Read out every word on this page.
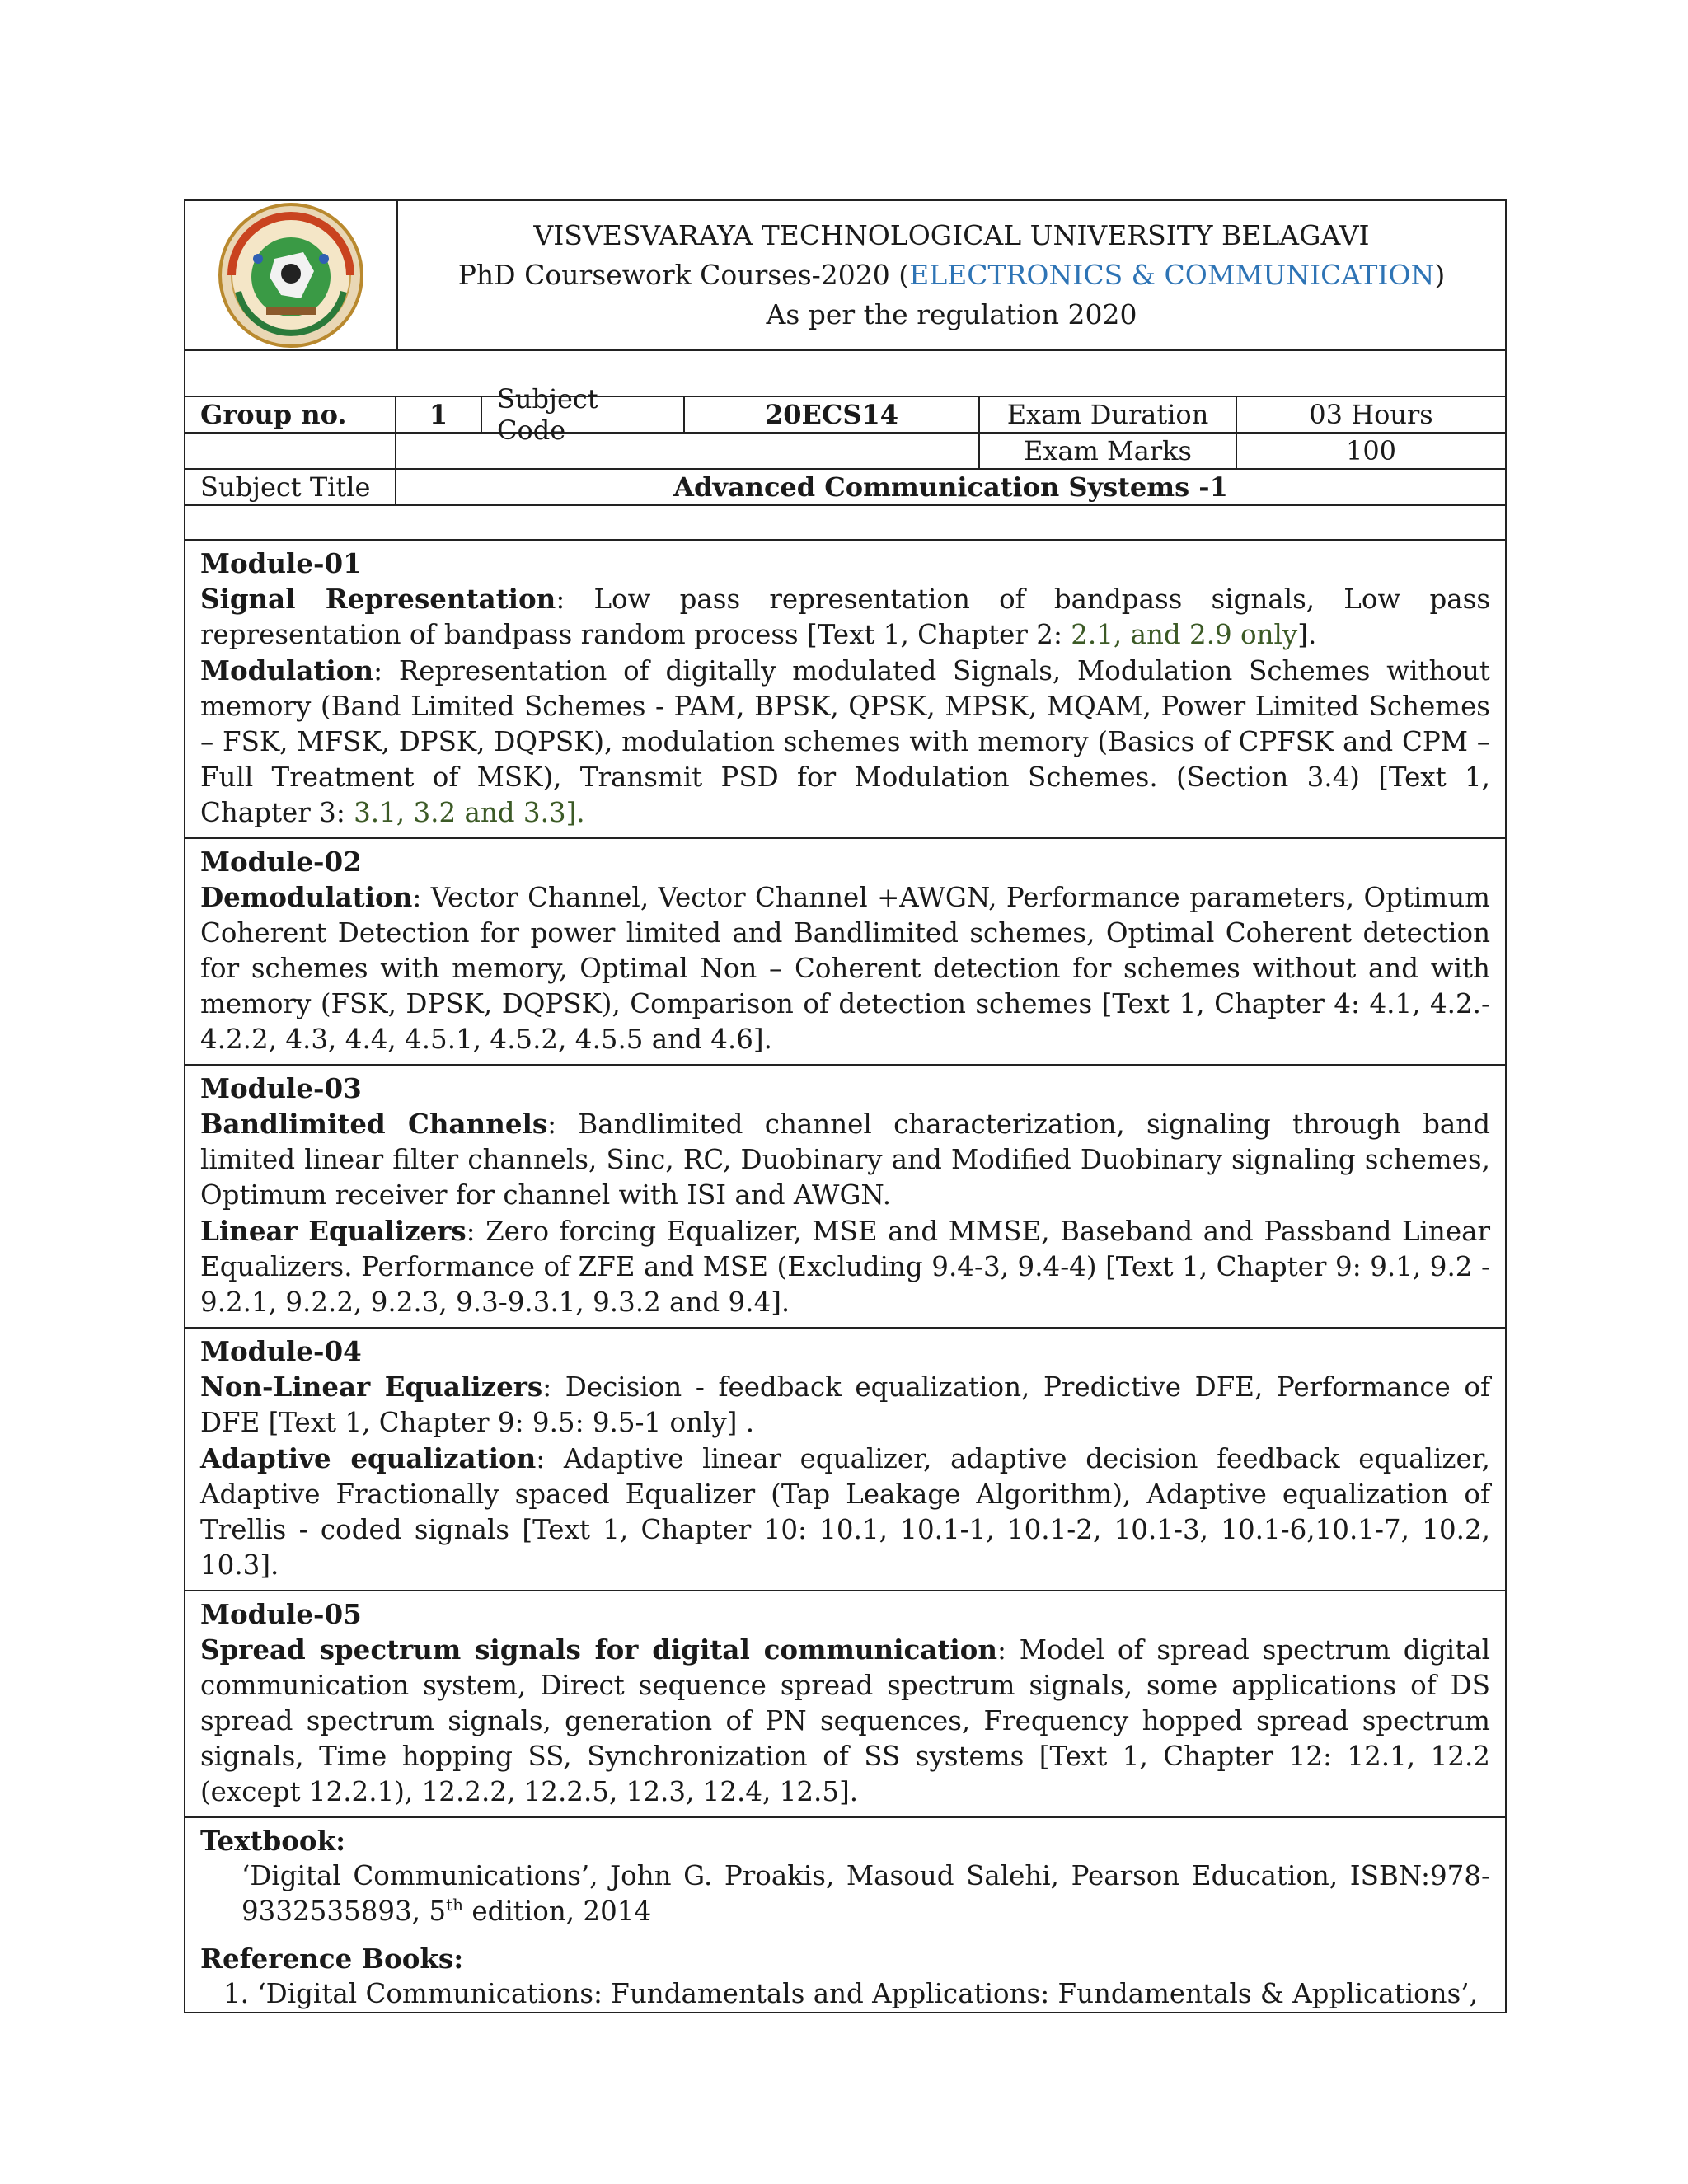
VISVESVARAYA TECHNOLOGICAL UNIVERSITY BELAGAVI
PhD Coursework Courses-2020 (ELECTRONICS & COMMUNICATION)
As per the regulation 2020
Group no.	1	Subject Code	20ECS14	Exam Duration	03 Hours
Exam Marks	100
Subject Title	Advanced Communication Systems -1

Module-01

Signal Representation: Low pass representation of bandpass signals, Low pass representation of bandpass random process [Text 1, Chapter 2: 2.1, and 2.9 only].

Modulation: Representation of digitally modulated Signals, Modulation Schemes without memory (Band Limited Schemes - PAM, BPSK, QPSK, MPSK, MQAM, Power Limited Schemes – FSK, MFSK, DPSK, DQPSK), modulation schemes with memory (Basics of CPFSK and CPM – Full Treatment of MSK), Transmit PSD for Modulation Schemes. (Section 3.4) [Text 1, Chapter 3: 3.1, 3.2 and 3.3].

Module-02

Demodulation: Vector Channel, Vector Channel +AWGN, Performance parameters, Optimum Coherent Detection for power limited and Bandlimited schemes, Optimal Coherent detection for schemes with memory, Optimal Non – Coherent detection for schemes without and with memory (FSK, DPSK, DQPSK), Comparison of detection schemes [Text 1, Chapter 4: 4.1, 4.2.- 4.2.2, 4.3, 4.4, 4.5.1, 4.5.2, 4.5.5 and 4.6].

Module-03

Bandlimited Channels: Bandlimited channel characterization, signaling through band limited linear filter channels, Sinc, RC, Duobinary and Modified Duobinary signaling schemes, Optimum receiver for channel with ISI and AWGN.

Linear Equalizers: Zero forcing Equalizer, MSE and MMSE, Baseband and Passband Linear Equalizers. Performance of ZFE and MSE (Excluding 9.4-3, 9.4-4) [Text 1, Chapter 9: 9.1, 9.2 - 9.2.1, 9.2.2, 9.2.3, 9.3-9.3.1, 9.3.2 and 9.4].

Module-04

Non-Linear Equalizers: Decision - feedback equalization, Predictive DFE, Performance of DFE [Text 1, Chapter 9: 9.5: 9.5-1 only] .

Adaptive equalization: Adaptive linear equalizer, adaptive decision feedback equalizer, Adaptive Fractionally spaced Equalizer (Tap Leakage Algorithm), Adaptive equalization of Trellis - coded signals [Text 1, Chapter 10: 10.1, 10.1-1, 10.1-2, 10.1-3, 10.1-6,10.1-7, 10.2, 10.3].

Module-05

Spread spectrum signals for digital communication: Model of spread spectrum digital communication system, Direct sequence spread spectrum signals, some applications of DS spread spectrum signals, generation of PN sequences, Frequency hopped spread spectrum signals, Time hopping SS, Synchronization of SS systems [Text 1, Chapter 12: 12.1, 12.2 (except 12.2.1), 12.2.2, 12.2.5, 12.3, 12.4, 12.5].

Textbook:

‘Digital Communications’, John G. Proakis, Masoud Salehi, Pearson Education, ISBN:978-9332535893, 5th edition, 2014

Reference Books:

1. ‘Digital Communications: Fundamentals and Applications: Fundamentals & Applications’,
